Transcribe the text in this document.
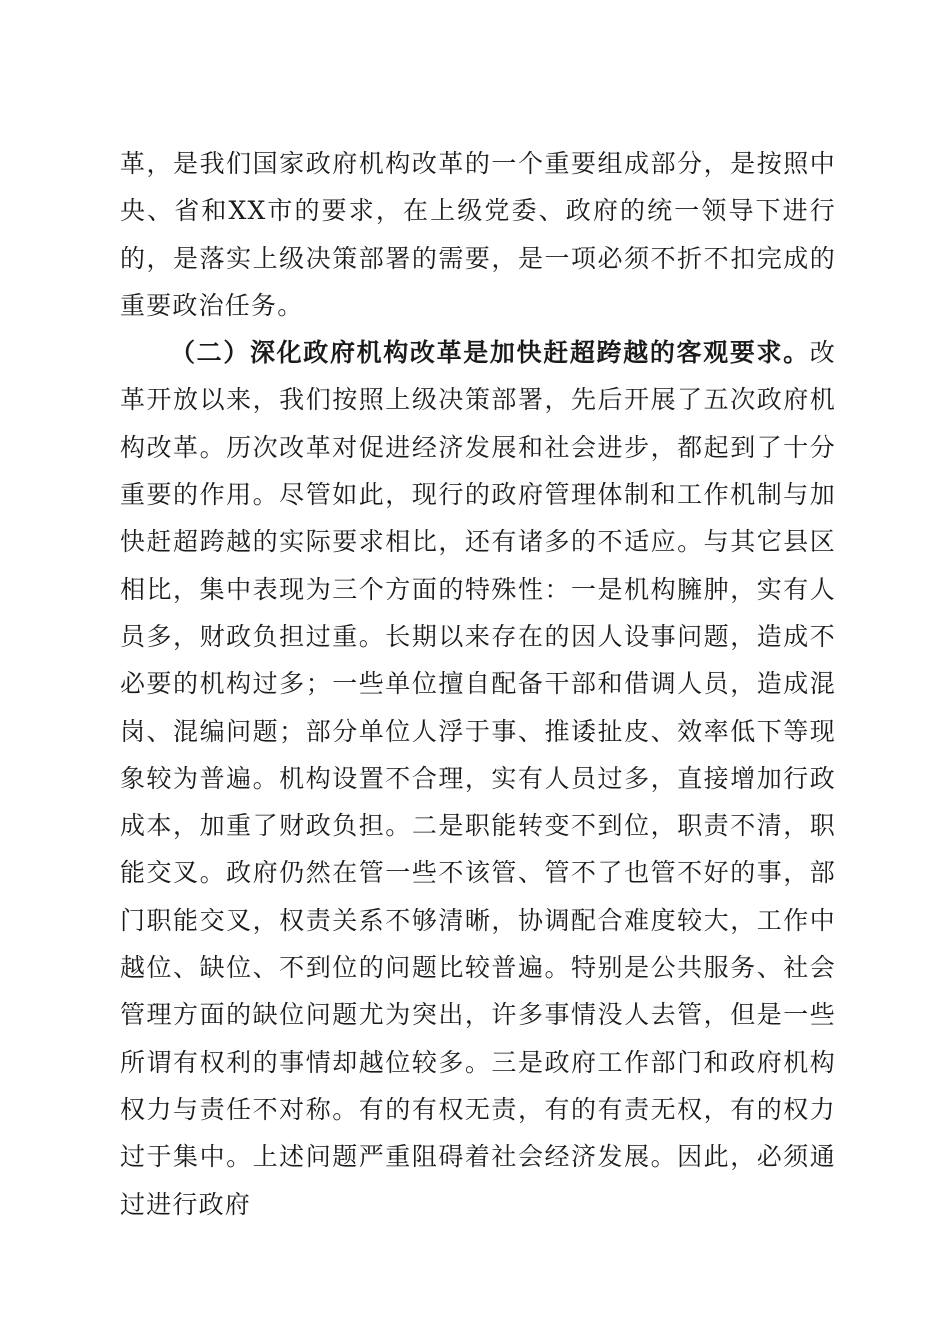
革，是我们国家政府机构改革的一个重要组成部分，是按照中央、省和XX市的要求，在上级党委、政府的统一领导下进行的，是落实上级决策部署的需要，是一项必须不折不扣完成的重要政治任务。

（二）深化政府机构改革是加快赶超跨越的客观要求。改革开放以来，我们按照上级决策部署，先后开展了五次政府机构改革。历次改革对促进经济发展和社会进步，都起到了十分重要的作用。尽管如此，现行的政府管理体制和工作机制与加快赶超跨越的实际要求相比，还有诸多的不适应。与其它县区相比，集中表现为三个方面的特殊性：一是机构臃肿，实有人员多，财政负担过重。长期以来存在的因人设事问题，造成不必要的机构过多；一些单位擅自配备干部和借调人员，造成混岗、混编问题；部分单位人浮于事、推诿扯皮、效率低下等现象较为普遍。机构设置不合理，实有人员过多，直接增加行政成本，加重了财政负担。二是职能转变不到位，职责不清，职能交叉。政府仍然在管一些不该管、管不了也管不好的事，部门职能交叉，权责关系不够清晰，协调配合难度较大，工作中越位、缺位、不到位的问题比较普遍。特别是公共服务、社会管理方面的缺位问题尤为突出，许多事情没人去管，但是一些所谓有权利的事情却越位较多。三是政府工作部门和政府机构权力与责任不对称。有的有权无责，有的有责无权，有的权力过于集中。上述问题严重阻碍着社会经济发展。因此，必须通过进行政府
